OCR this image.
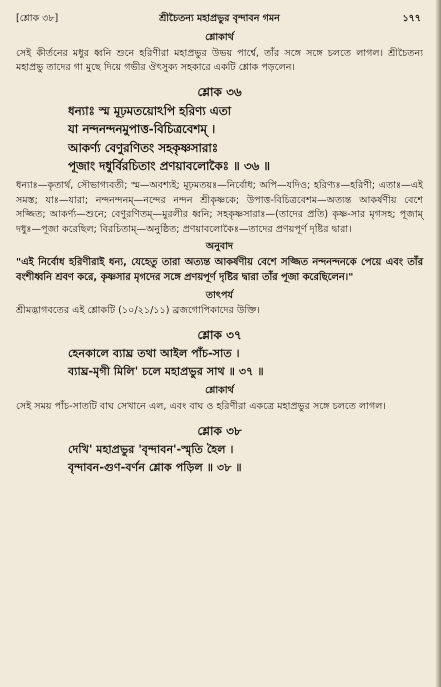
[শ্লোক ৩৮]	শ্রীচৈতন্য মহাপ্রভুর বৃন্দাবন গমন	১৭৭
শ্লোকার্থ

সেই কীর্তনের মধুর ধ্বনি শুনে হরিণীরা মহাপ্রভুর উভয় পার্শ্বে, তাঁর সঙ্গে সঙ্গে চলতে লাগল। শ্রীচৈতন্য মহাপ্রভু তাদের গা মুছে দিয়ে গভীর ঔৎসুক্য সহকারে একটি শ্লোক পড়লেন।

শ্লোক ৩৬
ধন্যাঃ স্ম মূঢ়মতয়োঽপি হরিণ্য এতা
যা নন্দনন্দনমুপাত্ত-বিচিত্রবেশম্ ।
আকর্ণ্য বেণুরণিতং সহকৃষ্ণসারাঃ
পূজাং দধুর্বিরচিতাং প্রণয়াবলোকৈঃ ॥ ৩৬ ॥

ধন্যাঃ—কৃতার্থ, সৌভাগ্যবতী; স্ম—অবশ্যই; মূঢ়মতয়ঃ—নির্বোধ; অপি—যদিও; হরিণ্যঃ—হরিণী; এতাঃ—এই সমস্ত; যাঃ—যারা; নন্দনন্দনম্—নন্দের নন্দন শ্রীকৃষ্ণকে; উপাত্ত-বিচিত্রবেশম—অত্যন্ত আকর্ষণীয় বেশে সজ্জিত; আকর্ণ্য—শুনে; বেণুরণিতম্—মুরলীর ধ্বনি; সহকৃষ্ণসারাঃ—(তাদের প্রতি) কৃষ্ণ-সার মৃগসহ; পূজাম্ দধুঃ—পূজা করেছিল; বিরচিতাম্—অনুষ্ঠিত; প্রণয়াবলোকৈঃ—তাদের প্রণয়পূর্ণ দৃষ্টির দ্বারা।

অনুবাদ

"এই নির্বোধ হরিণীরাই ধন্য, যেহেতু তারা অত্যন্ত আকর্ষণীয় বেশে সজ্জিত নন্দনন্দনকে পেয়ে এবং তাঁর বংশীধ্বনি শ্রবণ করে, কৃষ্ণসার মৃগদের সঙ্গে প্রণয়পূর্ণ দৃষ্টির দ্বারা তাঁর পূজা করেছিলেন।"

তাৎপর্য

শ্রীমদ্ভাগবতের এই শ্লোকটি (১০/২১/১১) ব্রজগোপিকাদের উক্তি।

শ্লোক ৩৭
হেনকালে ব্যাঘ্র তথা আইল পাঁচ-সাত ।
ব্যাঘ্র-মৃগী মিলি' চলে মহাপ্রভুর সাথ ॥ ৩৭ ॥
শ্লোকার্থ

সেই সময় পাঁচ-সাতটি বাঘ সেখানে এল, এবং বাঘ ও হরিণীরা একত্রে মহাপ্রভুর সঙ্গে চলতে লাগল।

শ্লোক ৩৮
দেখি' মহাপ্রভুর 'বৃন্দাবন'-স্মৃতি হৈল ।
বৃন্দাবন-গুণ-বর্ণন শ্লোক পড়িল ॥ ৩৮ ॥
